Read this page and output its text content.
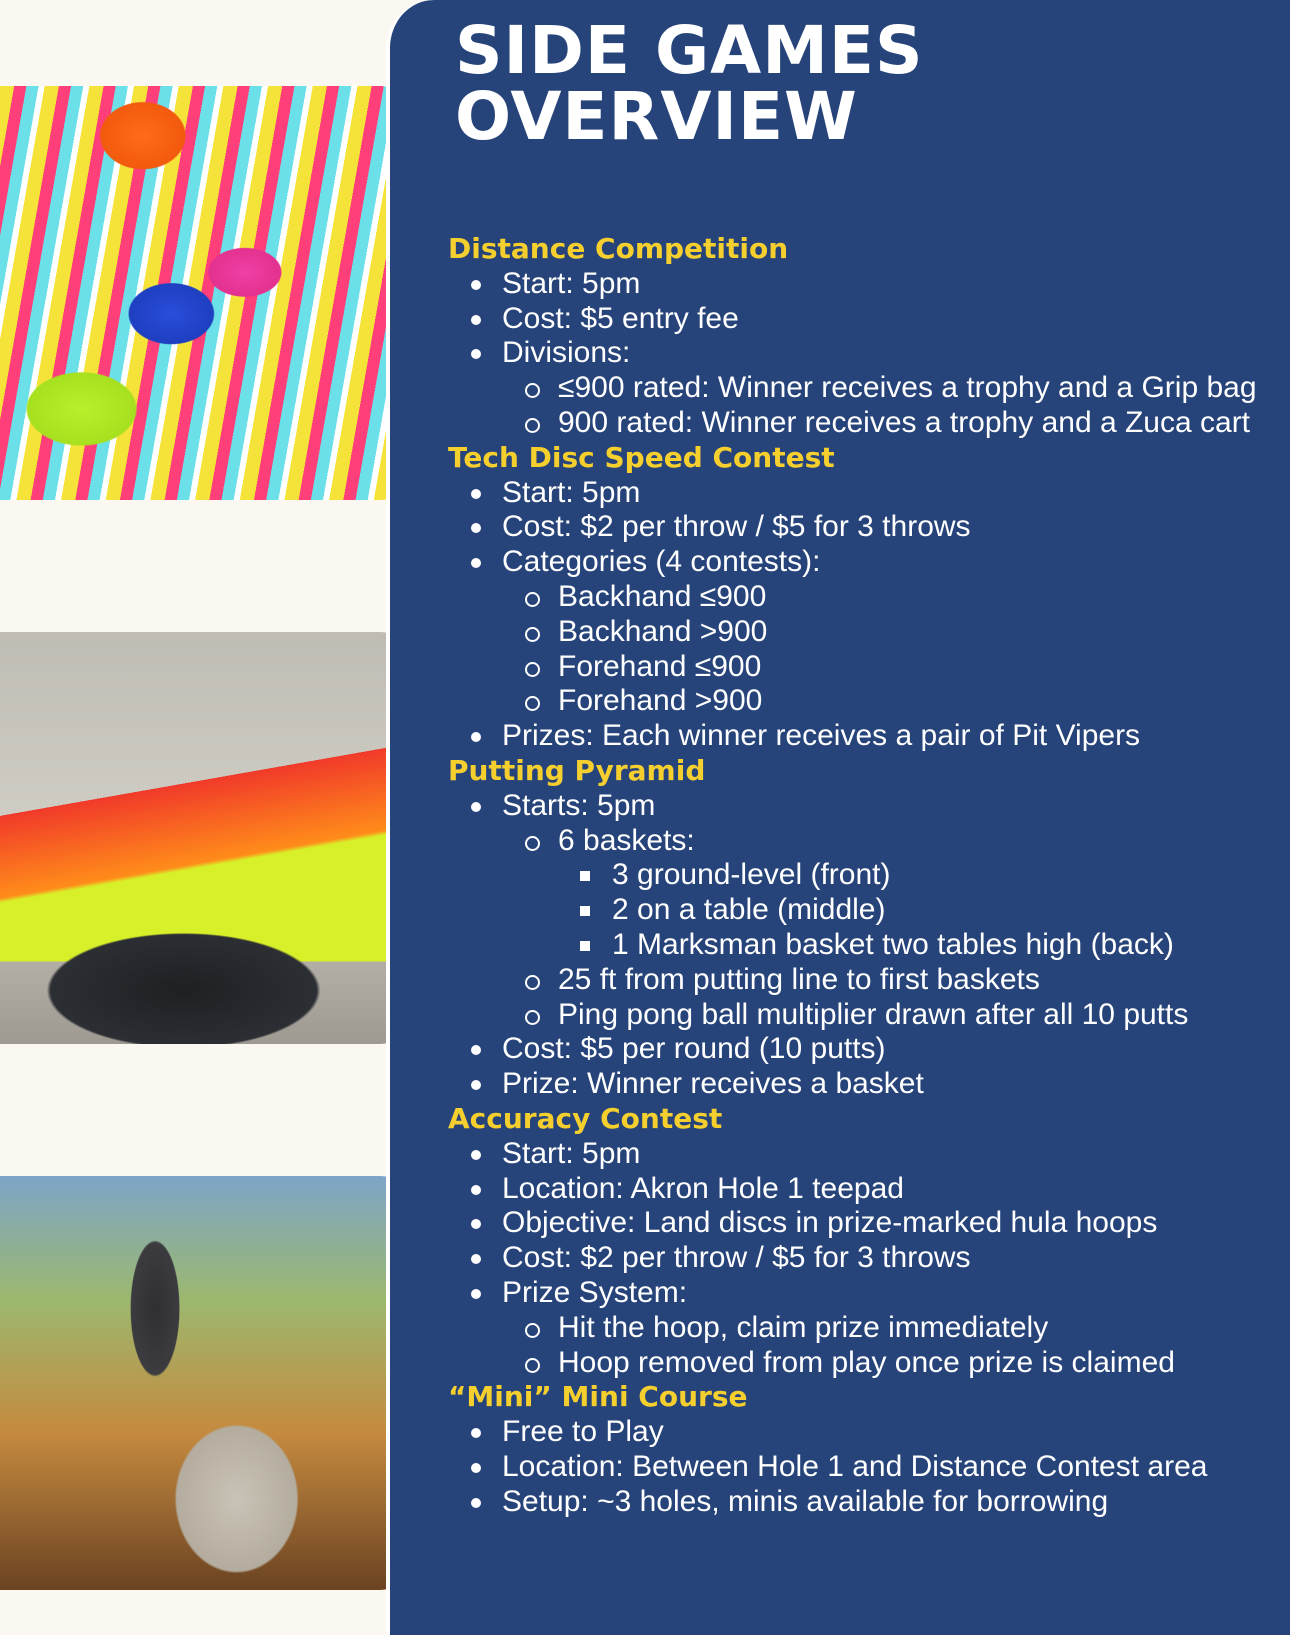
SIDE GAMES
OVERVIEW
Distance Competition
Start: 5pm
Cost: $5 entry fee
Divisions:
≤900 rated: Winner receives a trophy and a Grip bag
900 rated: Winner receives a trophy and a Zuca cart
Tech Disc Speed Contest
Start: 5pm
Cost: $2 per throw / $5 for 3 throws
Categories (4 contests):
Backhand ≤900
Backhand >900
Forehand ≤900
Forehand >900
Prizes: Each winner receives a pair of Pit Vipers
Putting Pyramid
Starts: 5pm
6 baskets:
3 ground-level (front)
2 on a table (middle)
1 Marksman basket two tables high (back)
25 ft from putting line to first baskets
Ping pong ball multiplier drawn after all 10 putts
Cost: $5 per round (10 putts)
Prize: Winner receives a basket
Accuracy Contest
Start: 5pm
Location: Akron Hole 1 teepad
Objective: Land discs in prize-marked hula hoops
Cost: $2 per throw / $5 for 3 throws
Prize System:
Hit the hoop, claim prize immediately
Hoop removed from play once prize is claimed
“Mini” Mini Course
Free to Play
Location: Between Hole 1 and Distance Contest area
Setup: ~3 holes, minis available for borrowing
